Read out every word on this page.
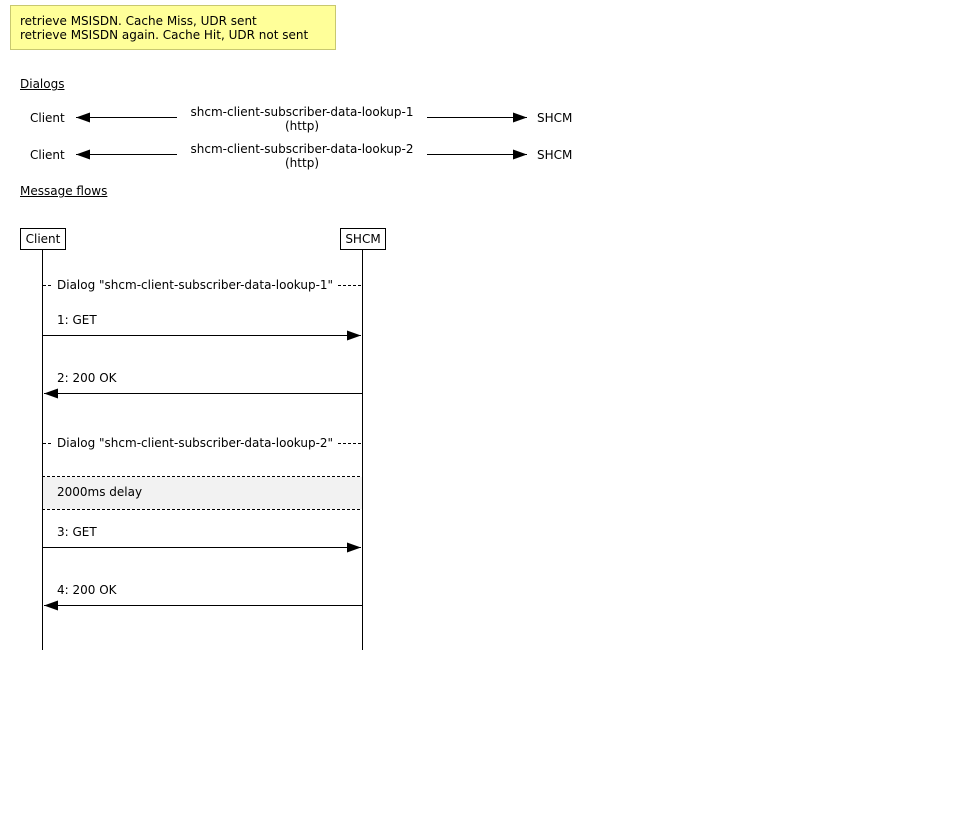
retrieve MSISDN. Cache Miss, UDR sent
retrieve MSISDN again. Cache Hit, UDR not sent
Dialogs
Client	shcm-client-subscriber-data-lookup-1
(http)
SHCM
Client	shcm-client-subscriber-data-lookup-2
(http)
SHCM
Message flows
Client	SHCM
Dialog "shcm-client-subscriber-data-lookup-1"
Dialog "shcm-client-subscriber-data-lookup-2"
2000ms delay
1: GET
2: 200 OK
3: GET
4: 200 OK
